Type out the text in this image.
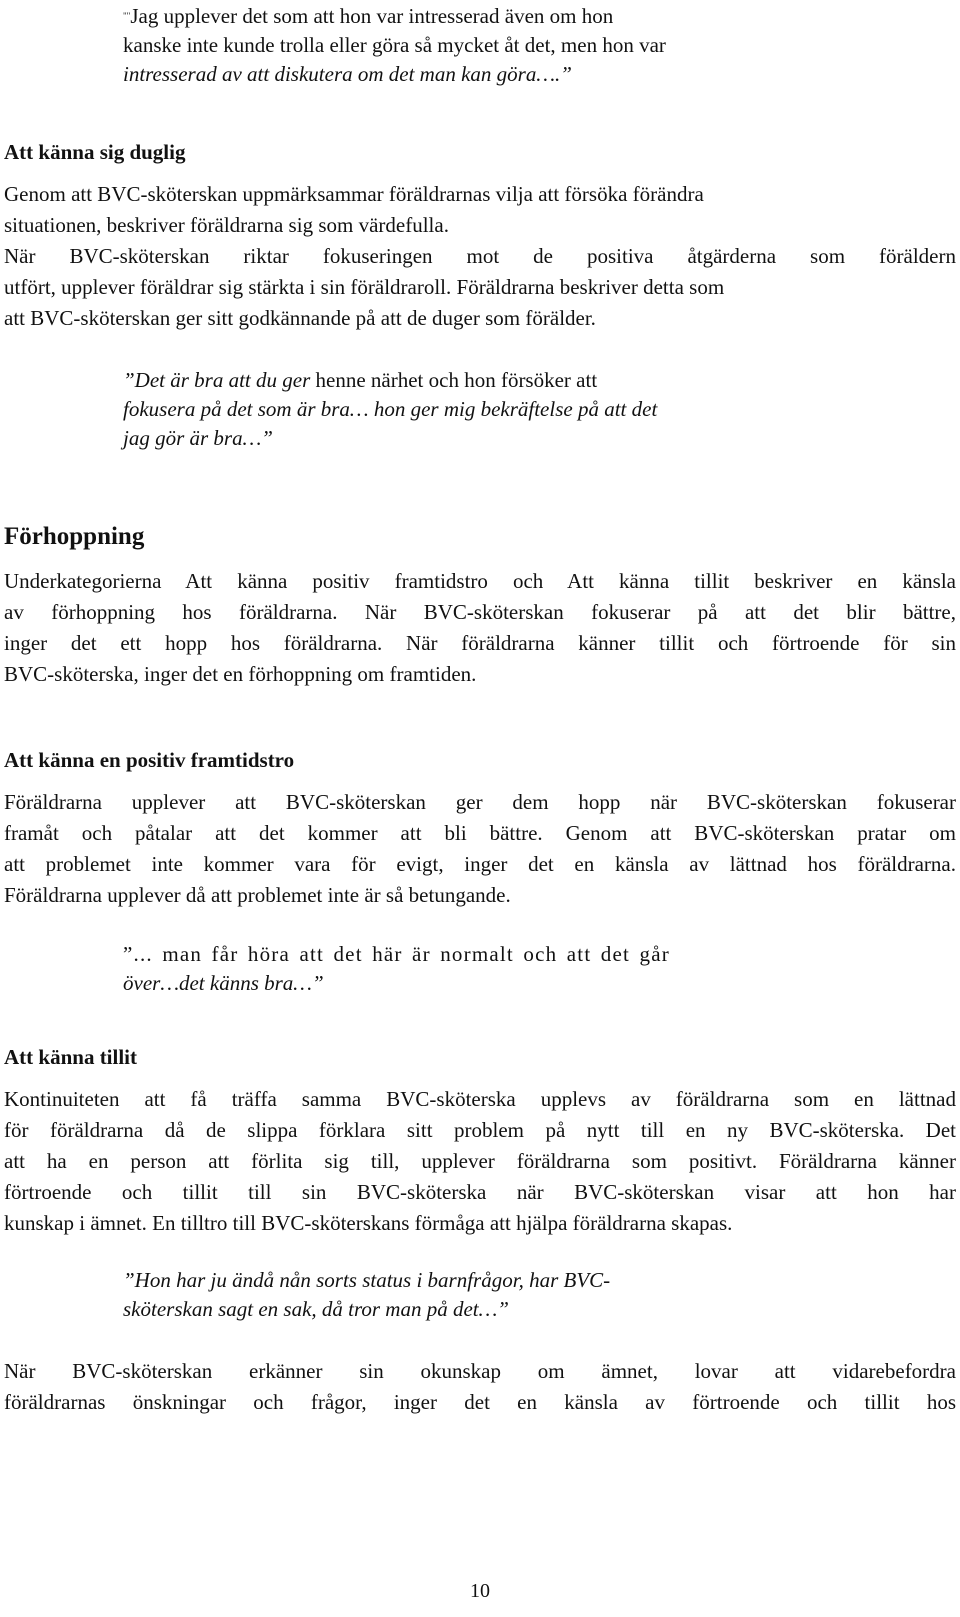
""Jag upplever det som att hon var intresserad även om hon
kanske inte kunde trolla eller göra så mycket åt det, men hon var
intresserad av att diskutera om det man kan göra….”
Att känna sig duglig
Genom att BVC-sköterskan uppmärksammar föräldrarnas vilja att försöka förändra
situationen, beskriver föräldrarna sig som värdefulla.
När BVC-sköterskan riktar fokuseringen mot de positiva åtgärderna som föräldern
utfört, upplever föräldrar sig stärkta i sin föräldraroll. Föräldrarna beskriver detta som
att BVC-sköterskan ger sitt godkännande på att de duger som förälder.
”Det är bra att du ger henne närhet och hon försöker att
fokusera på det som är bra… hon ger mig bekräftelse på att det
jag gör är bra…”
Förhoppning
Underkategorierna Att känna positiv framtidstro och Att känna tillit beskriver en känsla
av förhoppning hos föräldrarna. När BVC-sköterskan fokuserar på att det blir bättre,
inger det ett hopp hos föräldrarna. När föräldrarna känner tillit och förtroende för sin
BVC-sköterska, inger det en förhoppning om framtiden.
Att känna en positiv framtidstro
Föräldrarna upplever att BVC-sköterskan ger dem hopp när BVC-sköterskan fokuserar
framåt och påtalar att det kommer att bli bättre. Genom att BVC-sköterskan pratar om
att problemet inte kommer vara för evigt, inger det en känsla av lättnad hos föräldrarna.
Föräldrarna upplever då att problemet inte är så betungande.
”... man får höra att det här är normalt och att det går
över…det känns bra…”
Att känna tillit
Kontinuiteten att få träffa samma BVC-sköterska upplevs av föräldrarna som en lättnad
för föräldrarna då de slippa förklara sitt problem på nytt till en ny BVC-sköterska. Det
att ha en person att förlita sig till, upplever föräldrarna som positivt. Föräldrarna känner
förtroende och tillit till sin BVC-sköterska när BVC-sköterskan visar att hon har
kunskap i ämnet. En tilltro till BVC-sköterskans förmåga att hjälpa föräldrarna skapas.
”Hon har ju ändå nån sorts status i barnfrågor, har BVC-
sköterskan sagt en sak, då tror man på det…”
När BVC-sköterskan erkänner sin okunskap om ämnet, lovar att vidarebefordra
föräldrarnas önskningar och frågor, inger det en känsla av förtroende och tillit hos
10
